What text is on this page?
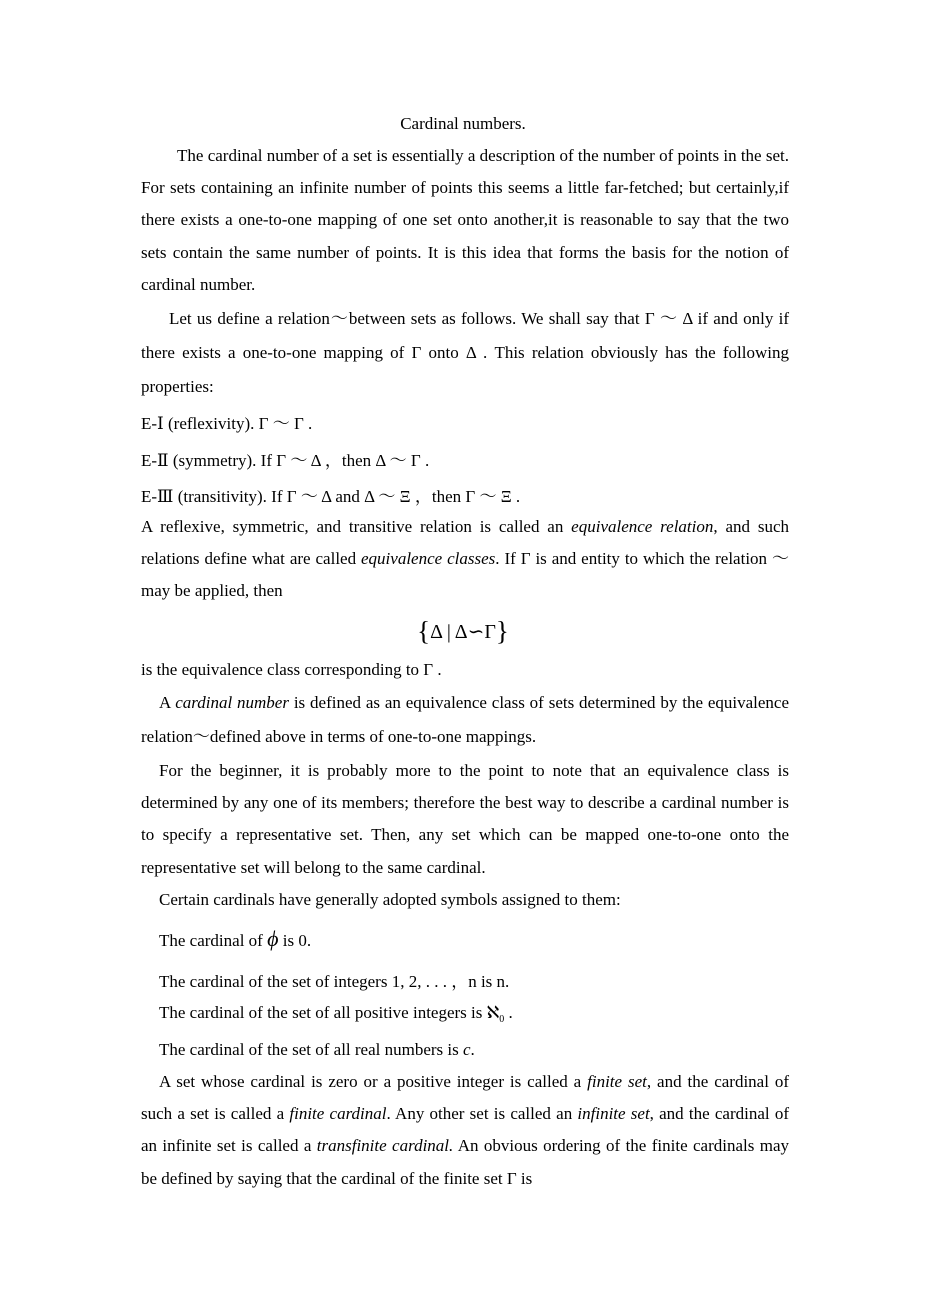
Cardinal numbers.
The cardinal number of a set is essentially a description of the number of points in the set. For sets containing an infinite number of points this seems a little far-fetched; but certainly,if there exists a one-to-one mapping of one set onto another,it is reasonable to say that the two sets contain the same number of points. It is this idea that forms the basis for the notion of cardinal number.
Let us define a relation～between sets as follows. We shall say that Γ ～ Δ if and only if there exists a one-to-one mapping of Γ onto Δ . This relation obviously has the following properties:
E-Ⅰ (reflexivity). Γ ～ Γ .
E-Ⅱ (symmetry). If Γ ～ Δ ，then Δ ～ Γ .
E-Ⅲ (transitivity). If Γ ～ Δ and Δ ～ Ξ ，then Γ ～ Ξ .
A reflexive, symmetric, and transitive relation is called an equivalence relation, and such relations define what are called equivalence classes. If Γ is and entity to which the relation ～ may be applied, then
{Δ | Δ∽Γ}
is the equivalence class corresponding to Γ .
A cardinal number is defined as an equivalence class of sets determined by the equivalence relation～defined above in terms of one-to-one mappings.
For the beginner, it is probably more to the point to note that an equivalence class is determined by any one of its members; therefore the best way to describe a cardinal number is to specify a representative set. Then, any set which can be mapped one-to-one onto the representative set will belong to the same cardinal.
Certain cardinals have generally adopted symbols assigned to them:
The cardinal of ϕ is 0.
The cardinal of the set of integers 1, 2, . . . ，n is n.
The cardinal of the set of all positive integers is ℵ$_0$ .
The cardinal of the set of all real numbers is c.
A set whose cardinal is zero or a positive integer is called a finite set, and the cardinal of such a set is called a finite cardinal. Any other set is called an infinite set, and the cardinal of an infinite set is called a transfinite cardinal. An obvious ordering of the finite cardinals may be defined by saying that the cardinal of the finite set Γ is
